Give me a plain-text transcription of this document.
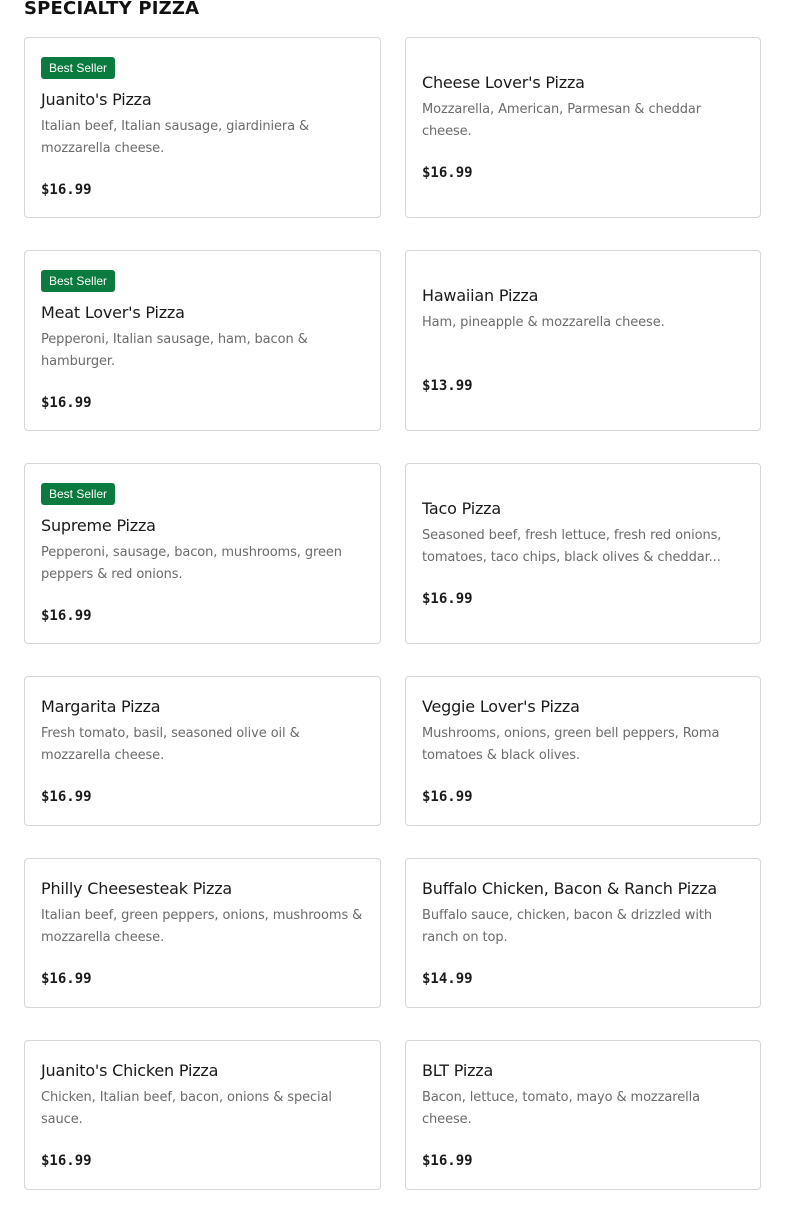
SPECIALTY PIZZA
Best Seller
Juanito's Pizza
Italian beef, Italian sausage, giardiniera & mozzarella cheese.
$16.99
Cheese Lover's Pizza
Mozzarella, American, Parmesan & cheddar cheese.
$16.99
Best Seller
Meat Lover's Pizza
Pepperoni, Italian sausage, ham, bacon & hamburger.
$16.99
Hawaiian Pizza
Ham, pineapple & mozzarella cheese.
$13.99
Best Seller
Supreme Pizza
Pepperoni, sausage, bacon, mushrooms, green peppers & red onions.
$16.99
Taco Pizza
Seasoned beef, fresh lettuce, fresh red onions, tomatoes, taco chips, black olives & cheddar...
$16.99
Margarita Pizza
Fresh tomato, basil, seasoned olive oil & mozzarella cheese.
$16.99
Veggie Lover's Pizza
Mushrooms, onions, green bell peppers, Roma tomatoes & black olives.
$16.99
Philly Cheesesteak Pizza
Italian beef, green peppers, onions, mushrooms & mozzarella cheese.
$16.99
Buffalo Chicken, Bacon & Ranch Pizza
Buffalo sauce, chicken, bacon & drizzled with ranch on top.
$14.99
Juanito's Chicken Pizza
Chicken, Italian beef, bacon, onions & special sauce.
$16.99
BLT Pizza
Bacon, lettuce, tomato, mayo & mozzarella cheese.
$16.99
